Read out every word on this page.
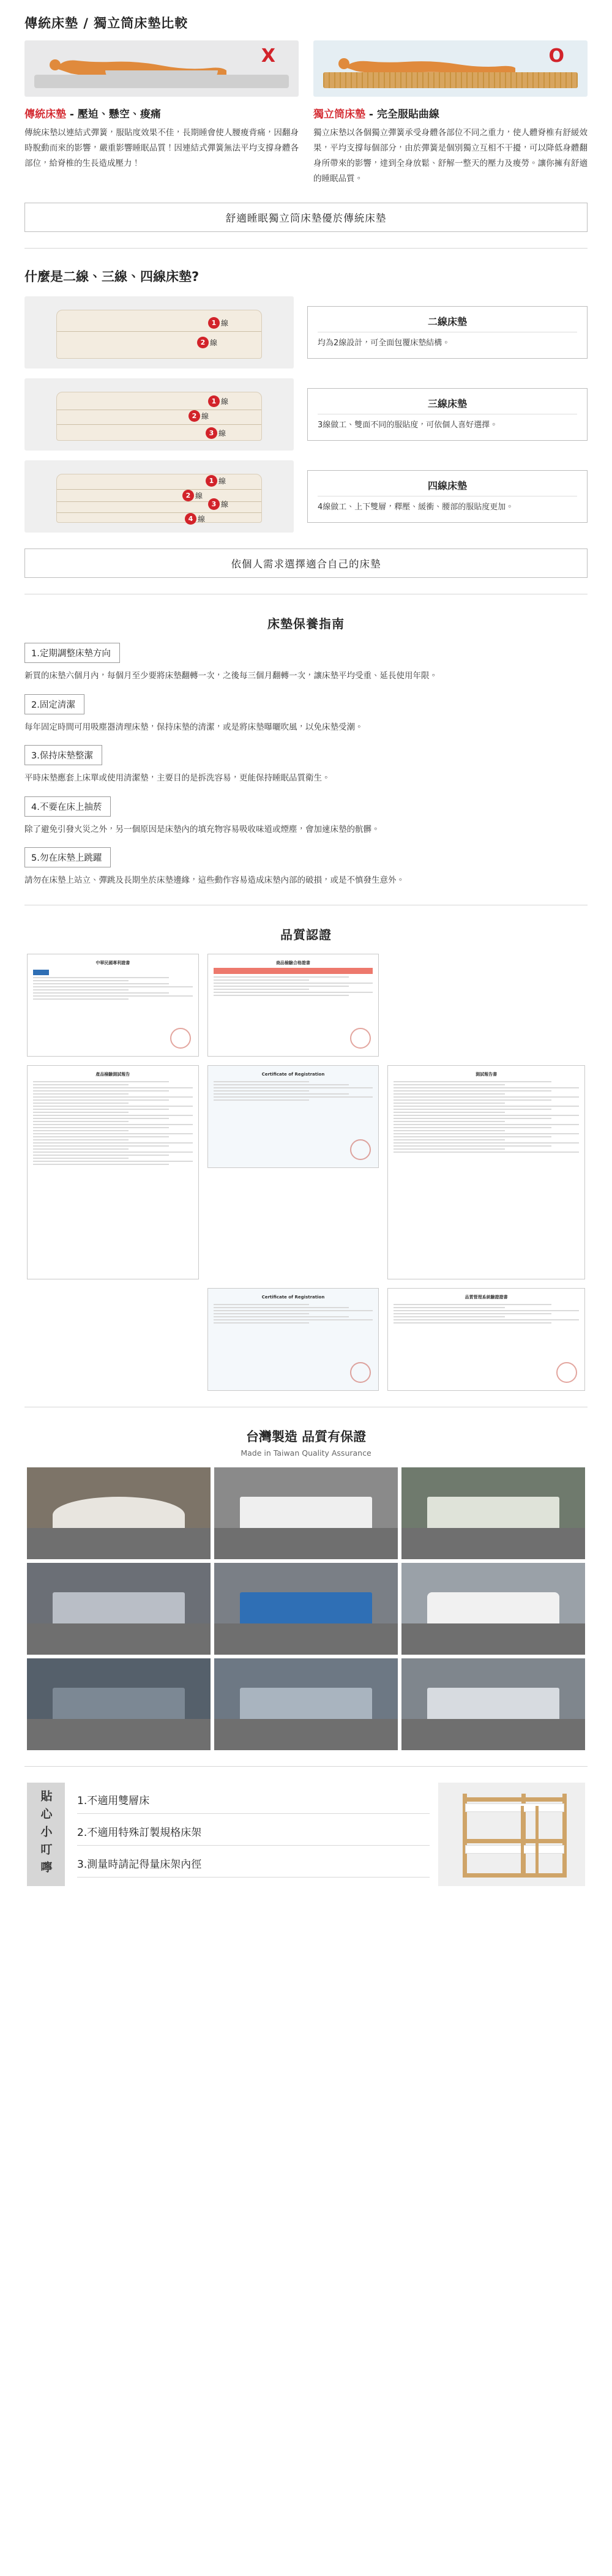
傳統床墊 / 獨立筒床墊比較
X
傳統床墊 - 壓迫、懸空、痠痛
傳統床墊以連結式彈簧，服貼度效果不佳，長期睡會使人腰痠背痛，因翻身時脫動而來的影響，嚴重影響睡眠品質！因連結式彈簧無法平均支撐身體各部位，給脊椎的生長造成壓力！
O
獨立筒床墊 - 完全服貼曲線
獨立床墊以各個獨立彈簧承受身體各部位不同之重力，使人體脊椎有舒緩效果，平均支撐每個部分，由於彈簧是個別獨立互相不干擾，可以降低身體翻身所帶來的影響，達到全身放鬆、舒解一整天的壓力及痠勞。讓你擁有舒適的睡眠品質。
舒適睡眠獨立筒床墊優於傳統床墊
什麼是二線、三線、四線床墊?
1 線
2 線
二線床墊

均為2線設計，可全面包覆床墊結構。

1 線
2 線
3 線
三線床墊

3線做工、雙面不同的服貼度，可依個人喜好選擇。

1 線
2 線
3 線
4 線
四線床墊

4線做工、上下雙層，釋壓、緩衝、腰部的服貼度更加。

依個人需求選擇適合自己的床墊
床墊保養指南
1.定期調整床墊方向
新買的床墊六個月內，每個月至少要將床墊翻轉一次，之後每三個月翻轉一次，讓床墊平均受重、延長使用年限。
2.固定清潔
每年固定時間可用吸塵器清理床墊，保持床墊的清潔，或是將床墊曝曬吹風，以免床墊受潮。
3.保持床墊整潔
平時床墊應套上床單或使用清潔墊，主要目的是拆洗容易，更能保持睡眠品質衛生。
4.不要在床上抽菸
除了避免引發火災之外，另一個原因是床墊內的填充物容易吸收味道或煙塵，會加速床墊的骯髒。
5.勿在床墊上跳躍
請勿在床墊上站立、彈跳及長期坐於床墊邊緣，這些動作容易造成床墊內部的破損，或是不慎發生意外。
品質認證
中華民國專利證書	商品檢驗合格證書
產品檢驗測試報告	Certificate of Registration
Certificate of Registration	品質管理系統驗證證書
測試報告書
台灣製造 品質有保證
Made in Taiwan Quality Assurance
貼心小叮嚀 1.不適用雙層床
2.不適用特殊訂製規格床架
3.測量時請記得量床架內徑
